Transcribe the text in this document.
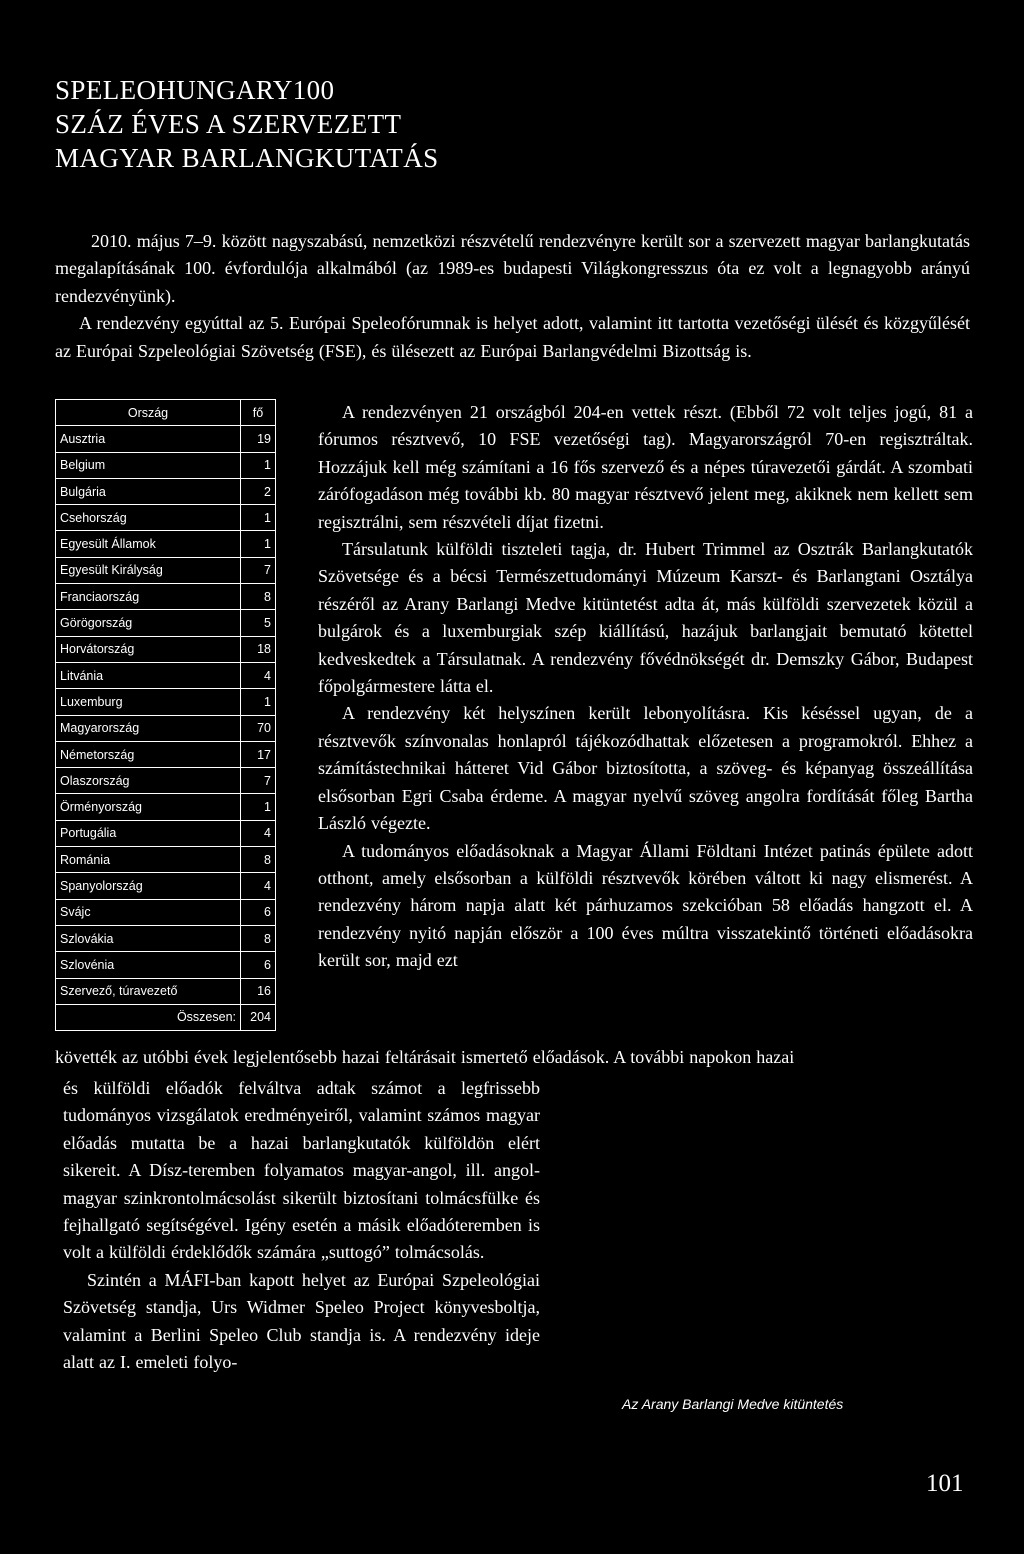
SPELEOHUNGARY100
SZÁZ ÉVES A SZERVEZETT
MAGYAR BARLANGKUTATÁS

2010. május 7–9. között nagyszabású, nemzetközi részvételű rendezvényre került sor a szervezett magyar barlangkutatás megalapításának 100. évfordulója alkalmából (az 1989-es budapesti Világkongresszus óta ez volt a legnagyobb arányú rendezvényünk).

A rendezvény egyúttal az 5. Európai Speleofórumnak is helyet adott, valamint itt tartotta vezetőségi ülését és közgyűlését az Európai Szpeleológiai Szövetség (FSE), és ülésezett az Európai Barlangvédelmi Bizottság is.

Ország	fő
Ausztria	19
Belgium	1
Bulgária	2
Csehország	1
Egyesült Államok	1
Egyesült Királyság	7
Franciaország	8
Görögország	5
Horvátország	18
Litvánia	4
Luxemburg	1
Magyarország	70
Németország	17
Olaszország	7
Örményország	1
Portugália	4
Románia	8
Spanyolország	4
Svájc	6
Szlovákia	8
Szlovénia	6
Szervező, túravezető	16
Összesen:	204

A rendezvényen 21 országból 204-en vettek részt. (Ebből 72 volt teljes jogú, 81 a fórumos résztvevő, 10 FSE vezetőségi tag). Magyarországról 70-en regisztráltak. Hozzájuk kell még számítani a 16 fős szervező és a népes túravezetői gárdát. A szombati zárófogadáson még további kb. 80 magyar résztvevő jelent meg, akiknek nem kellett sem regisztrálni, sem részvételi díjat fizetni.

Társulatunk külföldi tiszteleti tagja, dr. Hubert Trimmel az Osztrák Barlangkutatók Szövetsége és a bécsi Természettudományi Múzeum Karszt- és Barlangtani Osztálya részéről az Arany Barlangi Medve kitüntetést adta át, más külföldi szervezetek közül a bulgárok és a luxemburgiak szép kiállítású, hazájuk barlangjait bemutató kötettel kedveskedtek a Társulatnak. A rendezvény fővédnökségét dr. Demszky Gábor, Budapest főpolgármestere látta el.

A rendezvény két helyszínen került lebonyolításra. Kis késéssel ugyan, de a résztvevők színvonalas honlapról tájékozódhattak előzetesen a programokról. Ehhez a számítástechnikai hátteret Vid Gábor biztosította, a szöveg- és képanyag összeállítása elsősorban Egri Csaba érdeme. A magyar nyelvű szöveg angolra fordítását főleg Bartha László végezte.

A tudományos előadásoknak a Magyar Állami Földtani Intézet patinás épülete adott otthont, amely elsősorban a külföldi résztvevők körében váltott ki nagy elismerést. A rendezvény három napja alatt két párhuzamos szekcióban 58 előadás hangzott el. A rendezvény nyitó napján először a 100 éves múltra visszatekintő történeti előadásokra került sor, majd ezt

követték az utóbbi évek legjelentősebb hazai feltárásait ismertető előadások. A további napokon hazai

és külföldi előadók felváltva adtak számot a legfrissebb tudományos vizsgálatok eredményeiről, valamint számos magyar előadás mutatta be a hazai barlangkutatók külföldön elért sikereit. A Dísz-teremben folyamatos magyar-angol, ill. angol-magyar szinkrontolmácsolást sikerült biztosítani tolmácsfülke és fejhallgató segítségével. Igény esetén a másik előadóteremben is volt a külföldi érdeklődők számára „suttogó” tolmácsolás.

Szintén a MÁFI-ban kapott helyet az Európai Szpeleológiai Szövetség standja, Urs Widmer Speleo Project könyvesboltja, valamint a Berlini Speleo Club standja is. A rendezvény ideje alatt az I. emeleti folyo-

Az Arany Barlangi Medve kitüntetés
101
